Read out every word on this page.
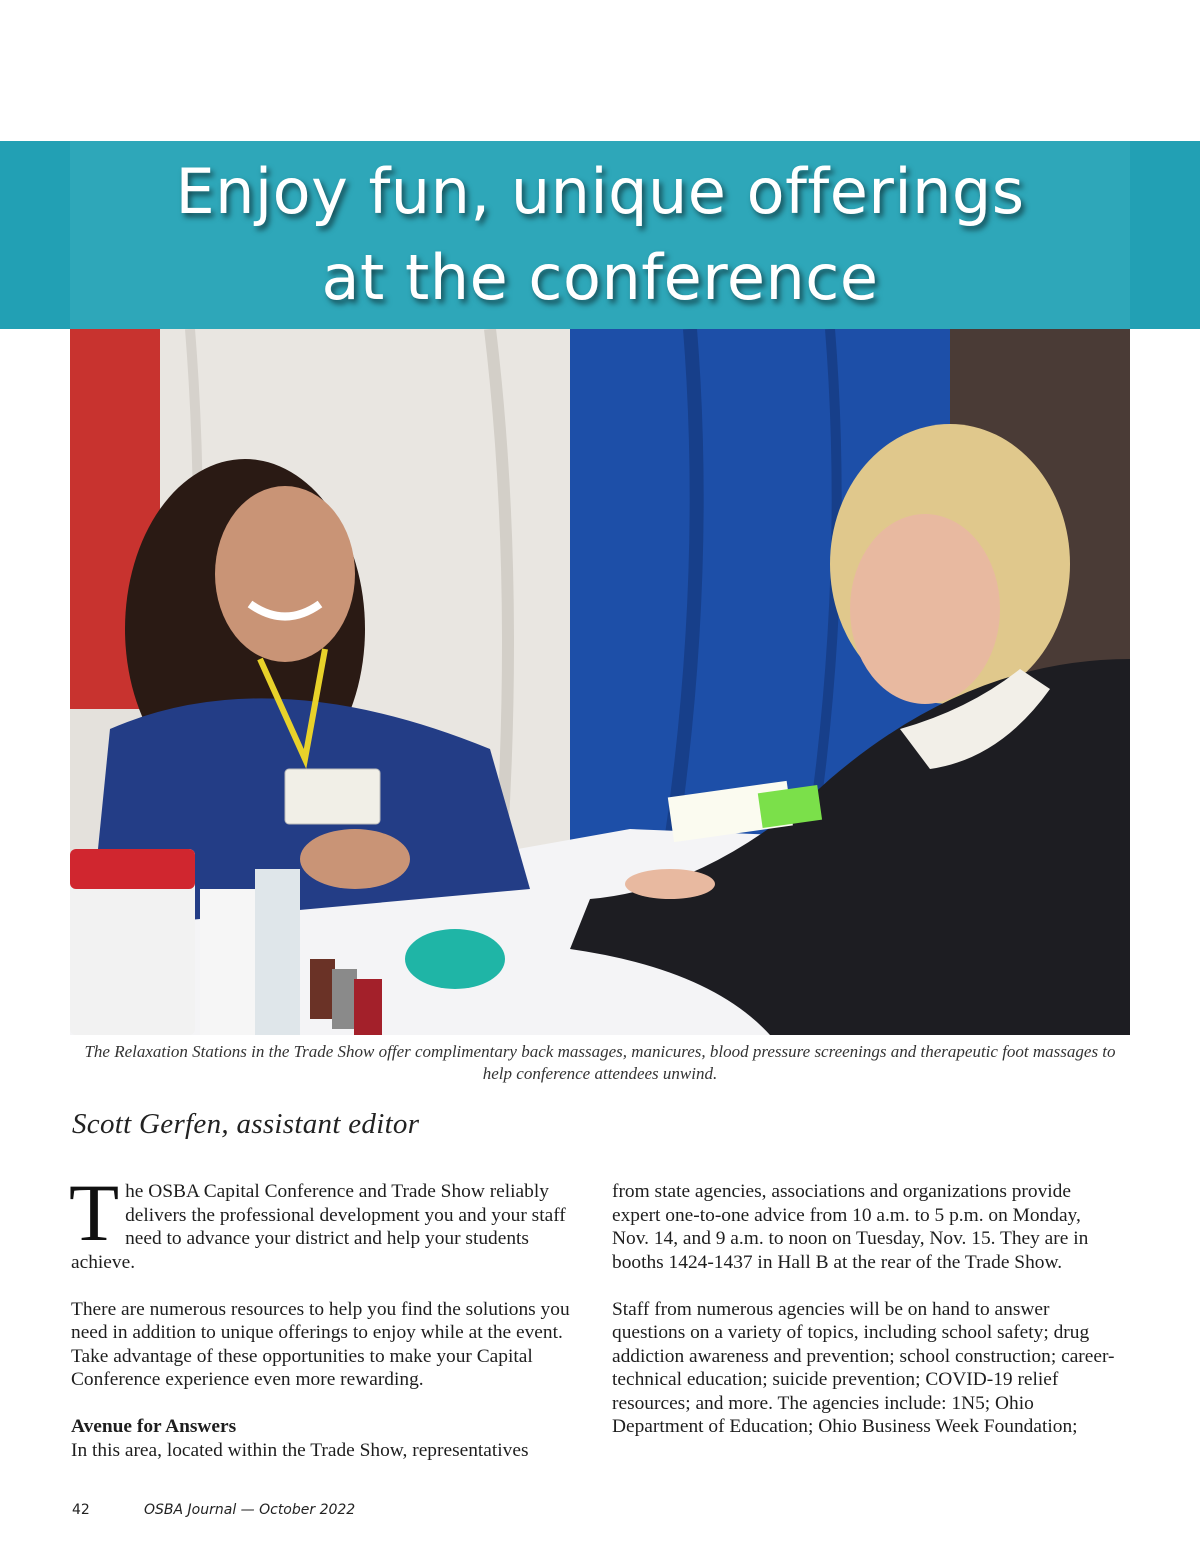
Enjoy fun, unique offerings
at the conference
The Relaxation Stations in the Trade Show offer complimentary back massages, manicures, blood pressure screenings and therapeutic foot massages to help conference attendees unwind.
Scott Gerfen, assistant editor

The OSBA Capital Conference and Trade Show reliably delivers the professional development you and your staff need to advance your district and help your students achieve.

There are numerous resources to help you find the solutions you need in addition to unique offerings to enjoy while at the event. Take advantage of these opportunities to make your Capital Conference experience even more rewarding.

Avenue for Answers
In this area, located within the Trade Show, representatives

from state agencies, associations and organizations provide expert one-to-one advice from 10 a.m. to 5 p.m. on Monday, Nov. 14, and 9 a.m. to noon on Tuesday, Nov. 15. They are in booths 1424-1437 in Hall B at the rear of the Trade Show.

Staff from numerous agencies will be on hand to answer questions on a variety of topics, including school safety; drug addiction awareness and prevention; school construction; career-technical education; suicide prevention; COVID-19 relief resources; and more. The agencies include: 1N5; Ohio Department of Education; Ohio Business Week Foundation;

42	OSBA Journal — October 2022
